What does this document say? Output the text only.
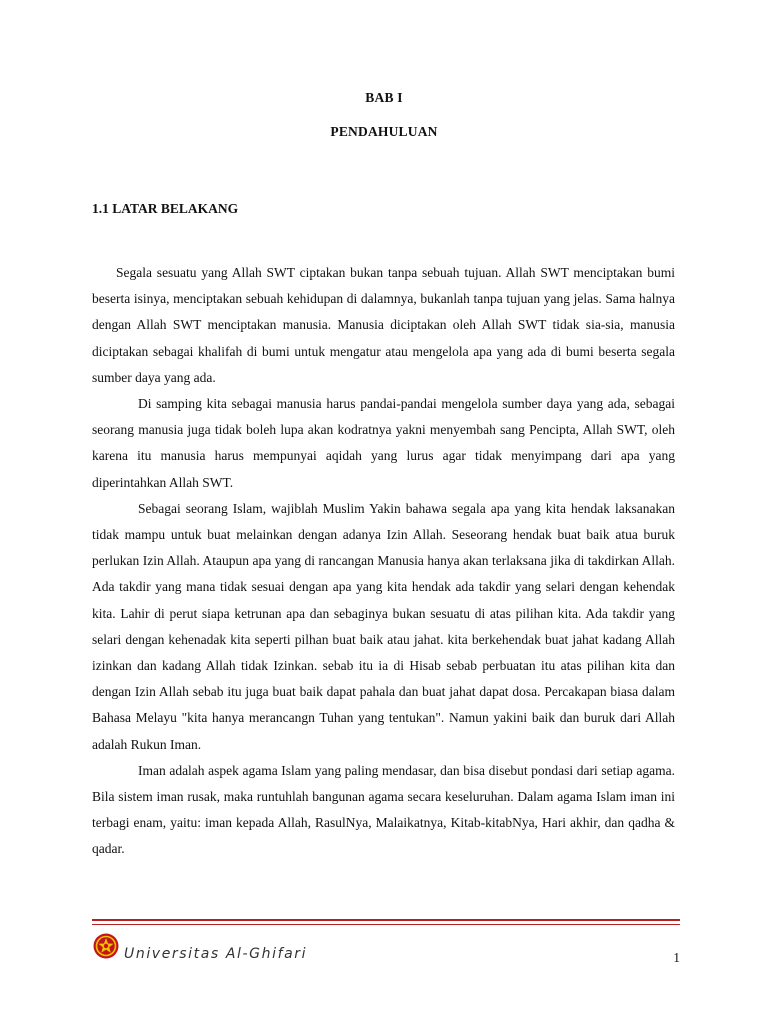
BAB I
PENDAHULUAN
1.1 LATAR BELAKANG

Segala sesuatu yang Allah SWT ciptakan bukan tanpa sebuah tujuan. Allah SWT menciptakan bumi beserta isinya, menciptakan sebuah kehidupan di dalamnya, bukanlah tanpa tujuan yang jelas. Sama halnya dengan Allah SWT menciptakan manusia. Manusia diciptakan oleh Allah SWT tidak sia-sia, manusia diciptakan sebagai khalifah di bumi untuk mengatur atau mengelola apa yang ada di bumi beserta segala sumber daya yang ada.

Di samping kita sebagai manusia harus pandai-pandai mengelola sumber daya yang ada, sebagai seorang manusia juga tidak boleh lupa akan kodratnya yakni menyembah sang Pencipta, Allah SWT, oleh karena itu manusia harus mempunyai aqidah yang lurus agar tidak menyimpang dari apa yang diperintahkan Allah SWT.

Sebagai seorang Islam, wajiblah Muslim Yakin bahawa segala apa yang kita hendak laksanakan tidak mampu untuk buat melainkan dengan adanya Izin Allah. Seseorang hendak buat baik atua buruk perlukan Izin Allah. Ataupun apa yang di rancangan Manusia hanya akan terlaksana jika di takdirkan Allah. Ada takdir yang mana tidak sesuai dengan apa yang kita hendak ada takdir yang selari dengan kehendak kita. Lahir di perut siapa ketrunan apa dan sebaginya bukan sesuatu di atas pilihan kita. Ada takdir yang selari dengan kehenadak kita seperti pilhan buat baik atau jahat. kita berkehendak buat jahat kadang Allah izinkan dan kadang Allah tidak Izinkan. sebab itu ia di Hisab sebab perbuatan itu atas pilihan kita dan dengan Izin Allah sebab itu juga buat baik dapat pahala dan buat jahat dapat dosa. Percakapan biasa dalam Bahasa Melayu "kita hanya merancangn Tuhan yang tentukan". Namun yakini baik dan buruk dari Allah adalah Rukun Iman.

Iman adalah aspek agama Islam yang paling mendasar, dan bisa disebut pondasi dari setiap agama. Bila sistem iman rusak, maka runtuhlah bangunan agama secara keseluruhan. Dalam agama Islam iman ini terbagi enam, yaitu: iman kepada Allah, RasulNya, Malaikatnya, Kitab-kitabNya, Hari akhir, dan qadha & qadar.

Universitas Al-Ghifari	1
